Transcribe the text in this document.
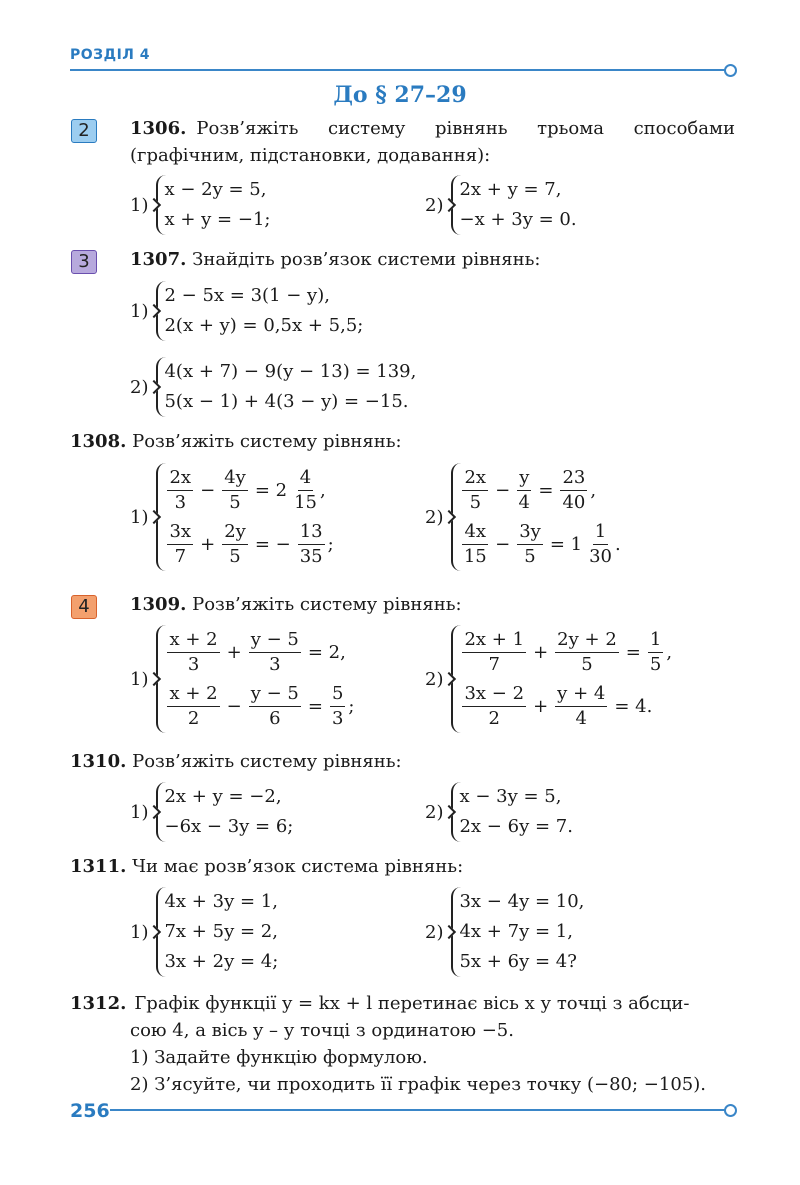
РОЗДІЛ 4
До § 27–29
2	1306. Розв’яжіть систему рівнянь трьома способами
(графічним, підстановки, додавання):
1)
x − 2y = 5,
x + y = −1;
2)
2x + y = 7,
−x + 3y = 0.
3	1307. Знайдіть розв’язок системи рівнянь:
1)
2 − 5x = 3(1 − y),
2(x + y) = 0,5x + 5,5;
2)
4(x + 7) − 9(y − 13) = 139,
5(x − 1) + 4(3 − y) = −15.
1308. Розв’яжіть систему рівнянь:
1)
$\frac{2x}{3} - \frac{4y}{5} = 2 \frac{4}{15}$ ,
$\frac{3x}{7} + \frac{2y}{5}$ = − $\frac{13}{35}$ ;
2)
$\frac{2x}{5} - \frac{y}{4} = \frac{23}{40}$ ,
$\frac{4x}{15} - \frac{3y}{5} = 1 \frac{1}{30}$ .
4	1309. Розв’яжіть систему рівнянь:
1)
$\frac{x + 2}{3} + \frac{y - 5}{3} = 2$,
$\frac{x + 2}{2} - \frac{y - 5}{6} = \frac{5}{3}$ ;
2)
$\frac{2x + 1}{7} + \frac{2y + 2}{5} = \frac{1}{5}$ ,
$\frac{3x - 2}{2} + \frac{y + 4}{4} = 4$.
1310. Розв’яжіть систему рівнянь:
1)
2x + y = −2,
−6x − 3y = 6;
2)
x − 3y = 5,
2x − 6y = 7.
1311. Чи має розв’язок система рівнянь:
1)
4x + 3y = 1,
7x + 5y = 2,
3x + 2y = 4;
2)
3x − 4y = 10,
4x + 7y = 1,
5x + 6y = 4?
1312. Графік функції y = kx + l перетинає вісь x у точці з абсци-
сою 4, а вісь y – у точці з ординатою −5.
1) Задайте функцію формулою.
2) З’ясуйте, чи проходить її графік через точку (−80; −105).
256
